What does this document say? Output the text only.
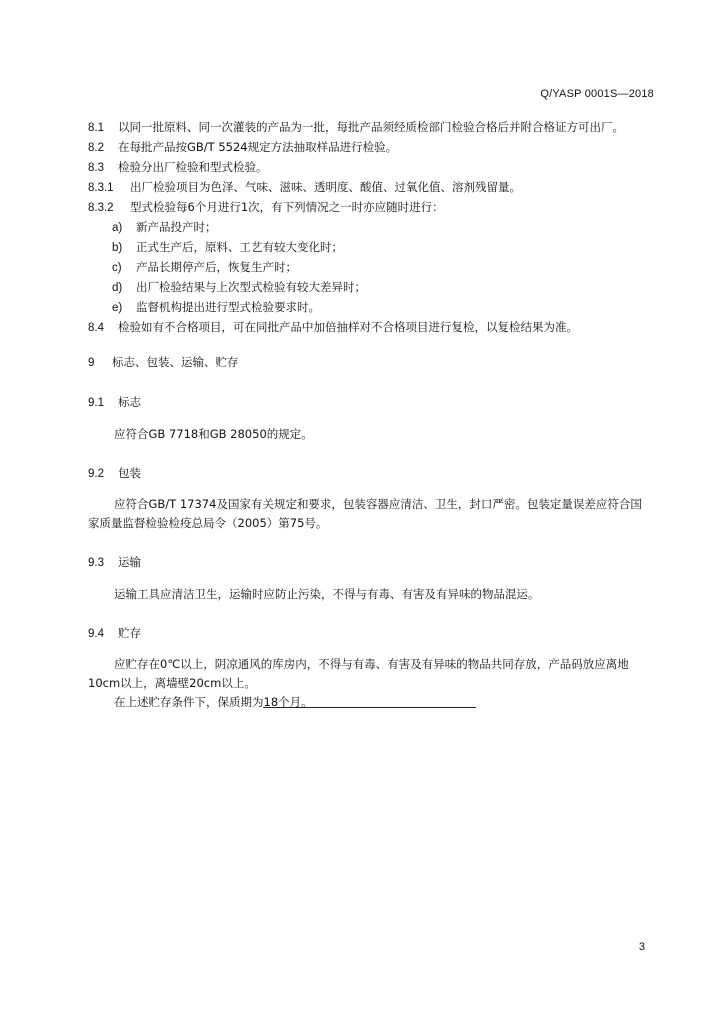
Q/YASP 0001S—2018

8.1 以同一批原料、同一次灌装的产品为一批，每批产品须经质检部门检验合格后并附合格证方可出厂。

8.2 在每批产品按GB/T 5524规定方法抽取样品进行检验。

8.3 检验分出厂检验和型式检验。

8.3.1 出厂检验项目为色泽、气味、滋味、透明度、酸值、过氧化值、溶剂残留量。

8.3.2 型式检验每6个月进行1次，有下列情况之一时亦应随时进行：

a) 新产品投产时；

b) 正式生产后，原料、工艺有较大变化时；

c) 产品长期停产后，恢复生产时；

d) 出厂检验结果与上次型式检验有较大差异时；

e) 监督机构提出进行型式检验要求时。

8.4 检验如有不合格项目，可在同批产品中加倍抽样对不合格项目进行复检，以复检结果为准。

9 标志、包装、运输、贮存

9.1 标志

应符合GB 7718和GB 28050的规定。

9.2 包装

应符合GB/T 17374及国家有关规定和要求，包装容器应清洁、卫生，封口严密。包装定量误差应符合国家质量监督检验检疫总局令（2005）第75号。

9.3 运输

运输工具应清洁卫生，运输时应防止污染，不得与有毒、有害及有异味的物品混运。

9.4 贮存

应贮存在0℃以上，阴凉通风的库房内，不得与有毒、有害及有异味的物品共同存放，产品码放应离地10cm以上，离墙壁20cm以上。

在上述贮存条件下，保质期为18个月。

3
